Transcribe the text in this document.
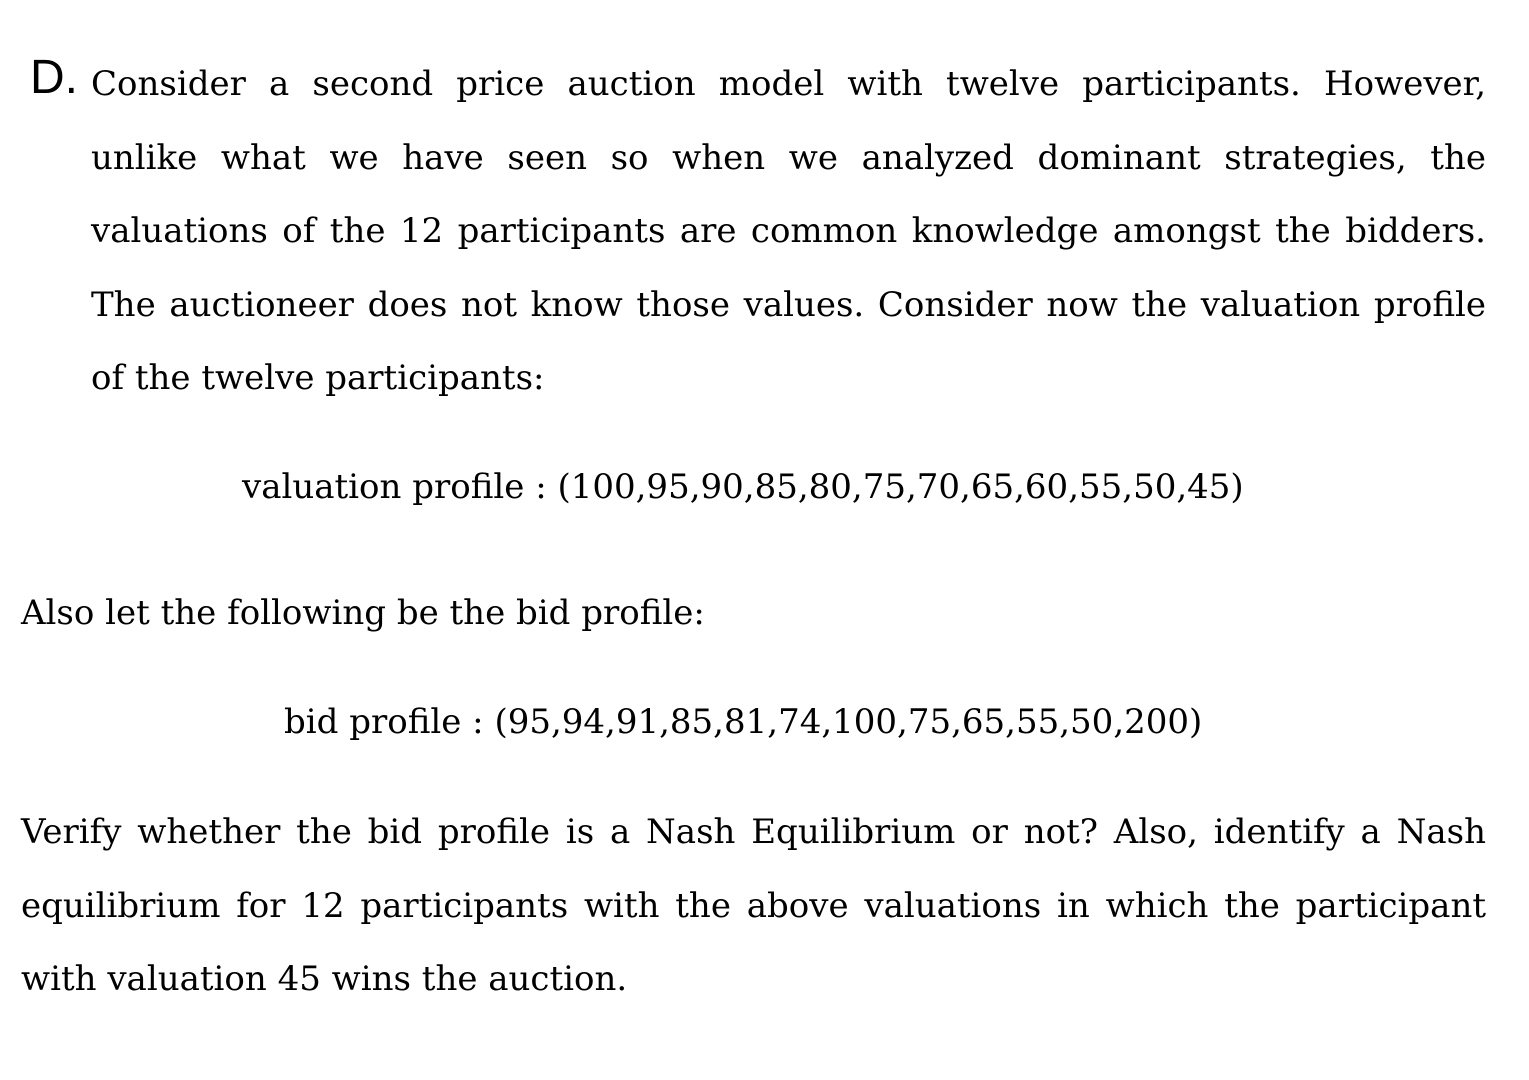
D. Consider a second price auction model with twelve participants. However, unlike what we have seen so when we analyzed dominant strategies, the valuations of the 12 participants are common knowledge amongst the bidders. The auctioneer does not know those values. Consider now the valuation profile of the twelve participants:

valuation profile : (100,95,90,85,80,75,70,65,60,55,50,45)

Also let the following be the bid profile:

bid profile : (95,94,91,85,81,74,100,75,65,55,50,200)

Verify whether the bid profile is a Nash Equilibrium or not? Also, identify a Nash equilibrium for 12 participants with the above valuations in which the participant with valuation 45 wins the auction.
